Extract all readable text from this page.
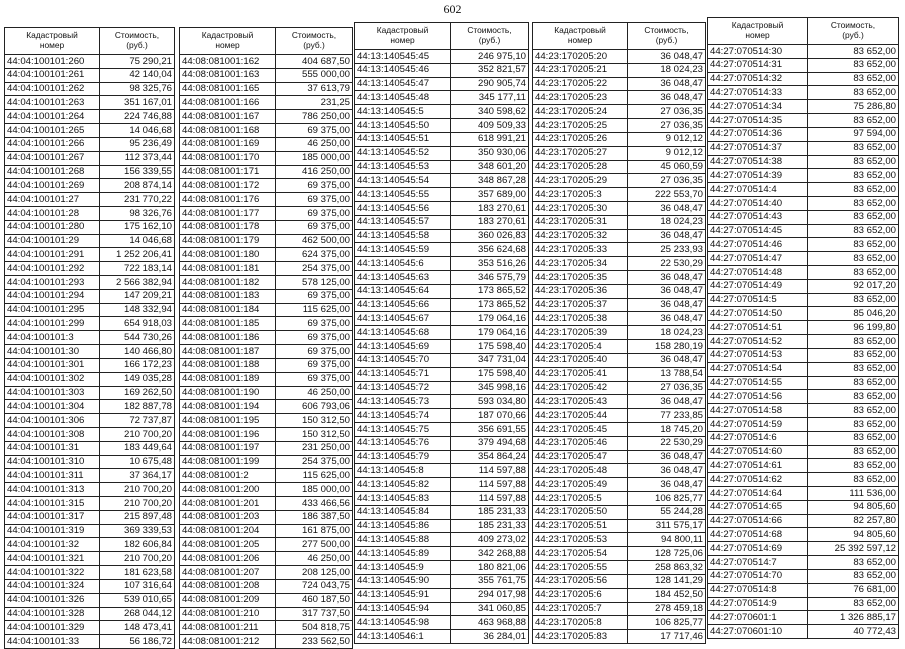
602
Кадастровый
номер	Стоимость,
(руб.)

44:04:100101:260	75 290,21
44:04:100101:261	42 140,04
44:04:100101:262	98 325,76
44:04:100101:263	351 167,01
44:04:100101:264	224 746,88
44:04:100101:265	14 046,68
44:04:100101:266	95 236,49
44:04:100101:267	112 373,44
44:04:100101:268	156 339,55
44:04:100101:269	208 874,14
44:04:100101:27	231 770,22
44:04:100101:28	98 326,76
44:04:100101:280	175 162,10
44:04:100101:29	14 046,68
44:04:100101:291	1 252 206,41
44:04:100101:292	722 183,14
44:04:100101:293	2 566 382,94
44:04:100101:294	147 209,21
44:04:100101:295	148 332,94
44:04:100101:299	654 918,03
44:04:100101:3	544 730,26
44:04:100101:30	140 466,80
44:04:100101:301	166 172,23
44:04:100101:302	149 035,28
44:04:100101:303	169 262,50
44:04:100101:304	182 887,78
44:04:100101:306	72 737,87
44:04:100101:308	210 700,20
44:04:100101:31	183 449,64
44:04:100101:310	10 675,48
44:04:100101:311	37 364,17
44:04:100101:313	210 700,20
44:04:100101:315	210 700,20
44:04:100101:317	215 897,48
44:04:100101:319	369 339,53
44:04:100101:32	182 606,84
44:04:100101:321	210 700,20
44:04:100101:322	181 623,58
44:04:100101:324	107 316,64
44:04:100101:326	539 010,65
44:04:100101:328	268 044,12
44:04:100101:329	148 473,41
44:04:100101:33	56 186,72
Кадастровый
номер	Стоимость,
(руб.)

44:08:081001:162	404 687,50
44:08:081001:163	555 000,00
44:08:081001:165	37 613,79
44:08:081001:166	231,25
44:08:081001:167	786 250,00
44:08:081001:168	69 375,00
44:08:081001:169	46 250,00
44:08:081001:170	185 000,00
44:08:081001:171	416 250,00
44:08:081001:172	69 375,00
44:08:081001:176	69 375,00
44:08:081001:177	69 375,00
44:08:081001:178	69 375,00
44:08:081001:179	462 500,00
44:08:081001:180	624 375,00
44:08:081001:181	254 375,00
44:08:081001:182	578 125,00
44:08:081001:183	69 375,00
44:08:081001:184	115 625,00
44:08:081001:185	69 375,00
44:08:081001:186	69 375,00
44:08:081001:187	69 375,00
44:08:081001:188	69 375,00
44:08:081001:189	69 375,00
44:08:081001:190	46 250,00
44:08:081001:194	606 793,06
44:08:081001:195	150 312,50
44:08:081001:196	150 312,50
44:08:081001:197	231 250,00
44:08:081001:199	254 375,00
44:08:081001:2	115 625,00
44:08:081001:200	185 000,00
44:08:081001:201	433 466,56
44:08:081001:203	186 387,50
44:08:081001:204	161 875,00
44:08:081001:205	277 500,00
44:08:081001:206	46 250,00
44:08:081001:207	208 125,00
44:08:081001:208	724 043,75
44:08:081001:209	460 187,50
44:08:081001:210	317 737,50
44:08:081001:211	504 818,75
44:08:081001:212	233 562,50
Кадастровый
номер	Стоимость,
(руб.)

44:13:140545:45	246 975,10
44:13:140545:46	352 821,57
44:13:140545:47	290 905,74
44:13:140545:48	345 177,11
44:13:140545:5	340 598,62
44:13:140545:50	409 509,33
44:13:140545:51	618 991,21
44:13:140545:52	350 930,06
44:13:140545:53	348 601,20
44:13:140545:54	348 867,28
44:13:140545:55	357 689,00
44:13:140545:56	183 270,61
44:13:140545:57	183 270,61
44:13:140545:58	360 026,83
44:13:140545:59	356 624,68
44:13:140545:6	353 516,26
44:13:140545:63	346 575,79
44:13:140545:64	173 865,52
44:13:140545:66	173 865,52
44:13:140545:67	179 064,16
44:13:140545:68	179 064,16
44:13:140545:69	175 598,40
44:13:140545:70	347 731,04
44:13:140545:71	175 598,40
44:13:140545:72	345 998,16
44:13:140545:73	593 034,80
44:13:140545:74	187 070,66
44:13:140545:75	356 691,55
44:13:140545:76	379 494,68
44:13:140545:79	354 864,24
44:13:140545:8	114 597,88
44:13:140545:82	114 597,88
44:13:140545:83	114 597,88
44:13:140545:84	185 231,33
44:13:140545:86	185 231,33
44:13:140545:88	409 273,02
44:13:140545:89	342 268,88
44:13:140545:9	180 821,06
44:13:140545:90	355 761,75
44:13:140545:91	294 017,98
44:13:140545:94	341 060,85
44:13:140545:98	463 968,88
44:13:140546:1	36 284,01
Кадастровый
номер	Стоимость,
(руб.)

44:23:170205:20	36 048,47
44:23:170205:21	18 024,23
44:23:170205:22	36 048,47
44:23:170205:23	36 048,47
44:23:170205:24	27 036,35
44:23:170205:25	27 036,35
44:23:170205:26	9 012,12
44:23:170205:27	9 012,12
44:23:170205:28	45 060,59
44:23:170205:29	27 036,35
44:23:170205:3	222 553,70
44:23:170205:30	36 048,47
44:23:170205:31	18 024,23
44:23:170205:32	36 048,47
44:23:170205:33	25 233,93
44:23:170205:34	22 530,29
44:23:170205:35	36 048,47
44:23:170205:36	36 048,47
44:23:170205:37	36 048,47
44:23:170205:38	36 048,47
44:23:170205:39	18 024,23
44:23:170205:4	158 280,19
44:23:170205:40	36 048,47
44:23:170205:41	13 788,54
44:23:170205:42	27 036,35
44:23:170205:43	36 048,47
44:23:170205:44	77 233,85
44:23:170205:45	18 745,20
44:23:170205:46	22 530,29
44:23:170205:47	36 048,47
44:23:170205:48	36 048,47
44:23:170205:49	36 048,47
44:23:170205:5	106 825,77
44:23:170205:50	55 244,28
44:23:170205:51	311 575,17
44:23:170205:53	94 800,11
44:23:170205:54	128 725,06
44:23:170205:55	258 863,32
44:23:170205:56	128 141,29
44:23:170205:6	184 452,50
44:23:170205:7	278 459,18
44:23:170205:8	106 825,77
44:23:170205:83	17 717,46
Кадастровый
номер	Стоимость,
(руб.)

44:27:070514:30	83 652,00
44:27:070514:31	83 652,00
44:27:070514:32	83 652,00
44:27:070514:33	83 652,00
44:27:070514:34	75 286,80
44:27:070514:35	83 652,00
44:27:070514:36	97 594,00
44:27:070514:37	83 652,00
44:27:070514:38	83 652,00
44:27:070514:39	83 652,00
44:27:070514:4	83 652,00
44:27:070514:40	83 652,00
44:27:070514:43	83 652,00
44:27:070514:45	83 652,00
44:27:070514:46	83 652,00
44:27:070514:47	83 652,00
44:27:070514:48	83 652,00
44:27:070514:49	92 017,20
44:27:070514:5	83 652,00
44:27:070514:50	85 046,20
44:27:070514:51	96 199,80
44:27:070514:52	83 652,00
44:27:070514:53	83 652,00
44:27:070514:54	83 652,00
44:27:070514:55	83 652,00
44:27:070514:56	83 652,00
44:27:070514:58	83 652,00
44:27:070514:59	83 652,00
44:27:070514:6	83 652,00
44:27:070514:60	83 652,00
44:27:070514:61	83 652,00
44:27:070514:62	83 652,00
44:27:070514:64	111 536,00
44:27:070514:65	94 805,60
44:27:070514:66	82 257,80
44:27:070514:68	94 805,60
44:27:070514:69	25 392 597,12
44:27:070514:7	83 652,00
44:27:070514:70	83 652,00
44:27:070514:8	76 681,00
44:27:070514:9	83 652,00
44:27:070601:1	1 326 885,17
44:27:070601:10	40 772,43
